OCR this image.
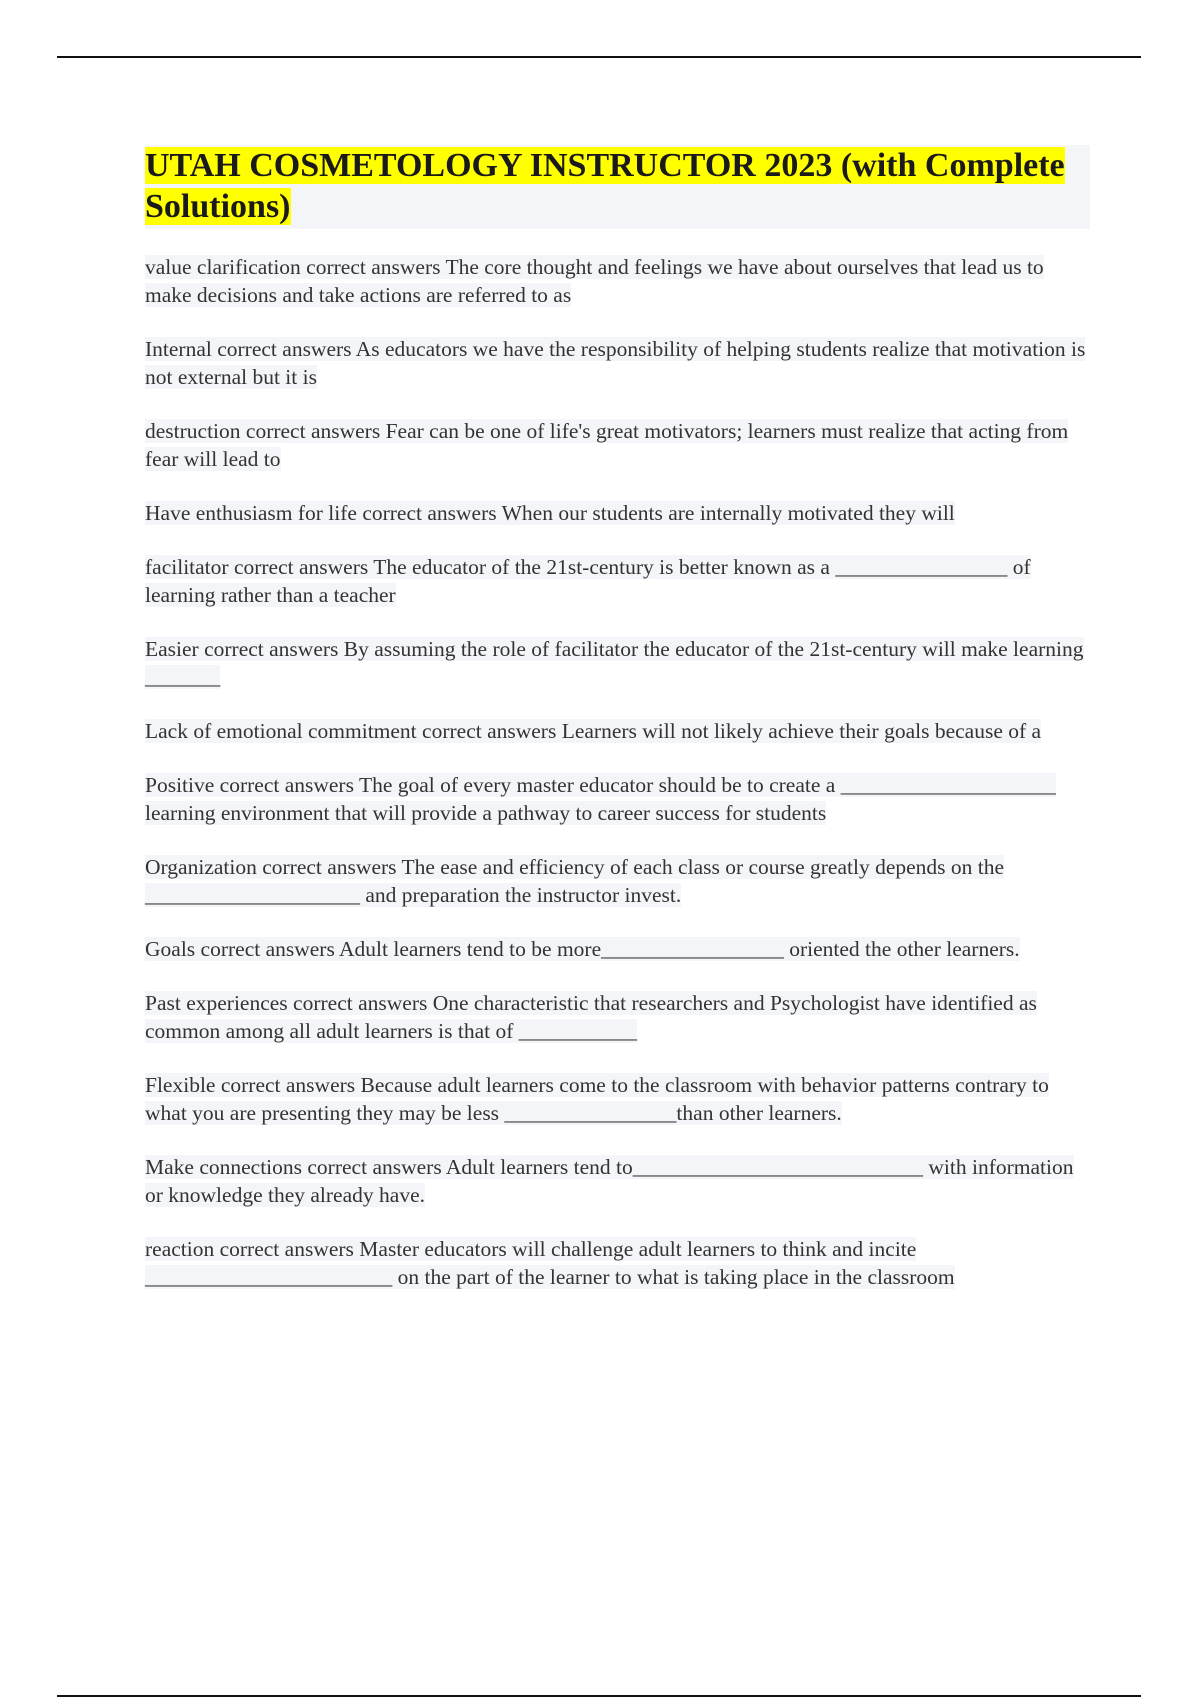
UTAH COSMETOLOGY INSTRUCTOR 2023 (with Complete Solutions)

value clarification correct answers The core thought and feelings we have about ourselves that lead us to make decisions and take actions are referred to as

Internal correct answers As educators we have the responsibility of helping students realize that motivation is not external but it is

destruction correct answers Fear can be one of life's great motivators; learners must realize that acting from fear will lead to

Have enthusiasm for life correct answers When our students are internally motivated they will

facilitator correct answers The educator of the 21st-century is better known as a ________________ of learning rather than a teacher

Easier correct answers By assuming the role of facilitator the educator of the 21st-century will make learning _______

Lack of emotional commitment correct answers Learners will not likely achieve their goals because of a

Positive correct answers The goal of every master educator should be to create a ____________________ learning environment that will provide a pathway to career success for students

Organization correct answers The ease and efficiency of each class or course greatly depends on the ____________________ and preparation the instructor invest.

Goals correct answers Adult learners tend to be more_________________ oriented the other learners.

Past experiences correct answers One characteristic that researchers and Psychologist have identified as common among all adult learners is that of ___________

Flexible correct answers Because adult learners come to the classroom with behavior patterns contrary to what you are presenting they may be less ________________than other learners.

Make connections correct answers Adult learners tend to___________________________ with information or knowledge they already have.

reaction correct answers Master educators will challenge adult learners to think and incite _______________________ on the part of the learner to what is taking place in the classroom
